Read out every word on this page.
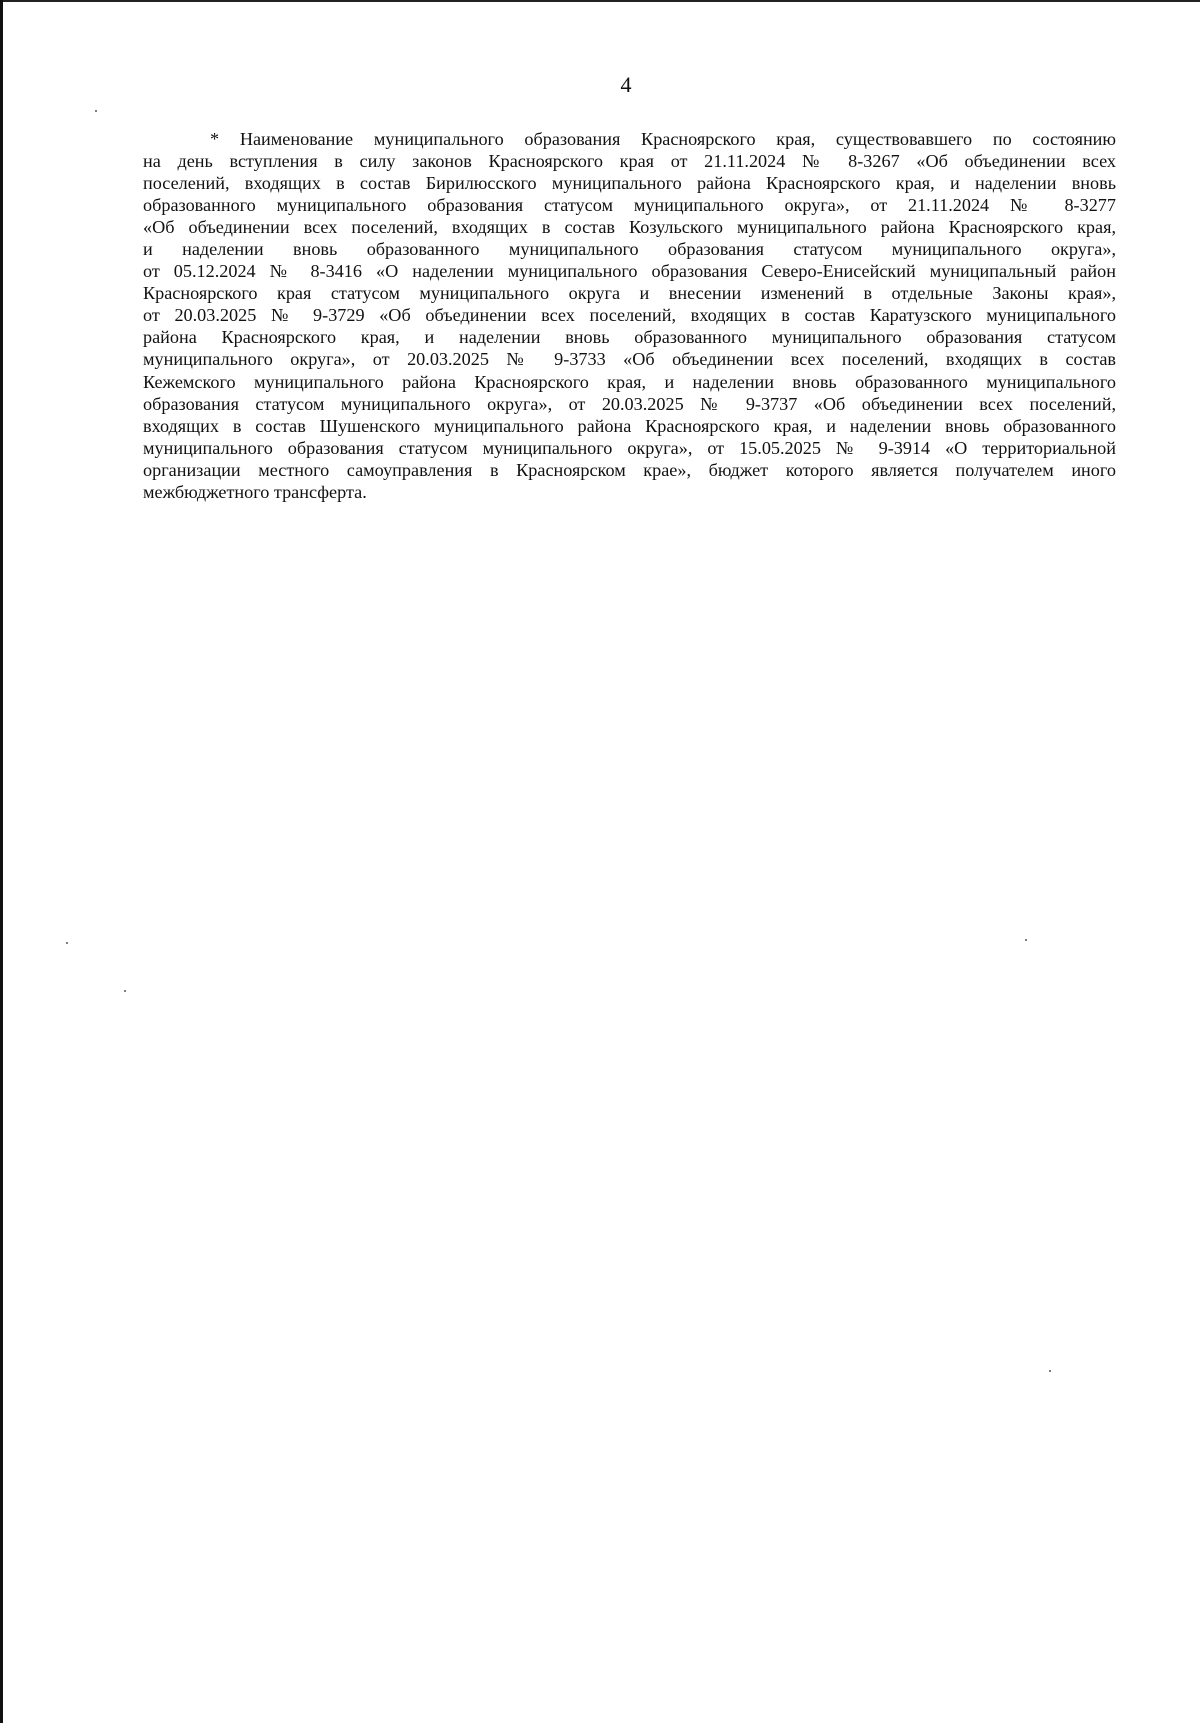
4
* Наименование муниципального образования Красноярского края, существовавшего по состоянию
на день вступления в силу законов Красноярского края от 21.11.2024 № 8-3267 «Об объединении всех
поселений, входящих в состав Бирилюсского муниципального района Красноярского края, и наделении вновь
образованного муниципального образования статусом муниципального округа», от 21.11.2024 № 8-3277
«Об объединении всех поселений, входящих в состав Козульского муниципального района Красноярского края,
и наделении вновь образованного муниципального образования статусом муниципального округа»,
от 05.12.2024 № 8-3416 «О наделении муниципального образования Северо-Енисейский муниципальный район
Красноярского края статусом муниципального округа и внесении изменений в отдельные Законы края»,
от 20.03.2025 № 9-3729 «Об объединении всех поселений, входящих в состав Каратузского муниципального
района Красноярского края, и наделении вновь образованного муниципального образования статусом
муниципального округа», от 20.03.2025 № 9-3733 «Об объединении всех поселений, входящих в состав
Кежемского муниципального района Красноярского края, и наделении вновь образованного муниципального
образования статусом муниципального округа», от 20.03.2025 № 9-3737 «Об объединении всех поселений,
входящих в состав Шушенского муниципального района Красноярского края, и наделении вновь образованного
муниципального образования статусом муниципального округа», от 15.05.2025 № 9-3914 «О территориальной
организации местного самоуправления в Красноярском крае», бюджет которого является получателем иного
межбюджетного трансферта.
